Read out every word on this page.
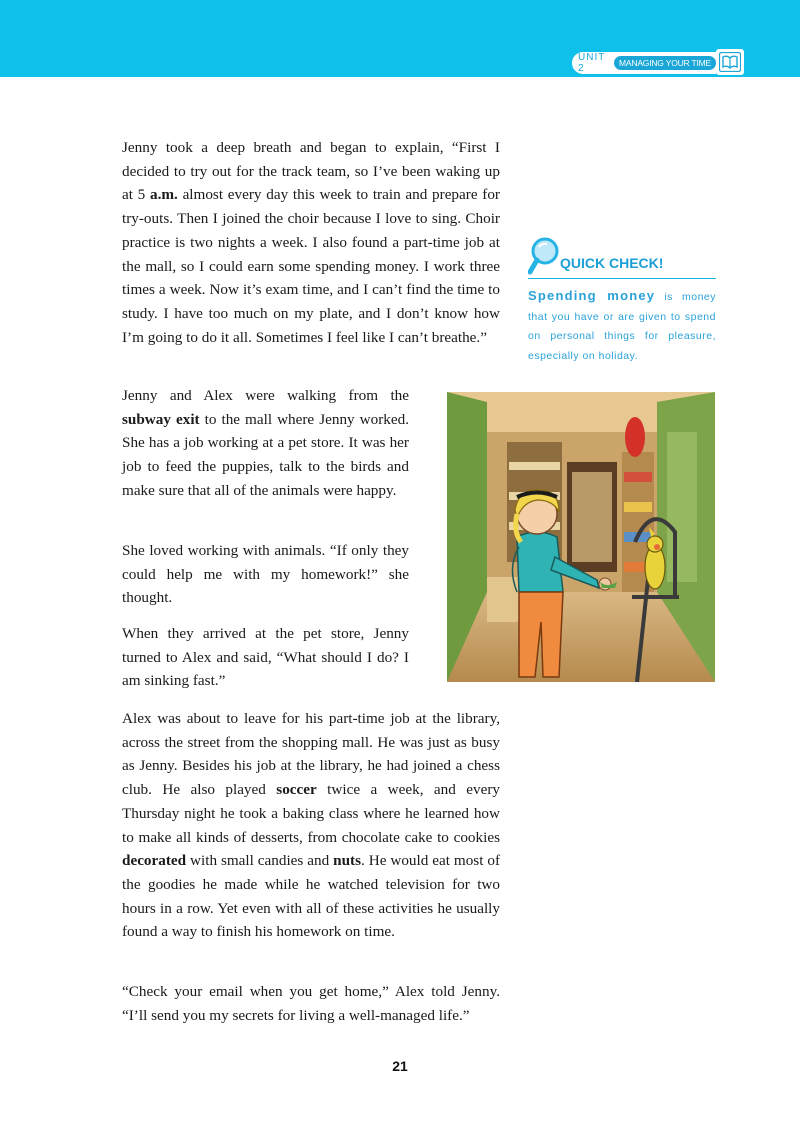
UNIT 2	MANAGING YOUR TIME

Jenny took a deep breath and began to explain, “First I decided to try out for the track team, so I’ve been waking up at 5 a.m. almost every day this week to train and prepare for try-outs. Then I joined the choir because I love to sing. Choir practice is two nights a week. I also found a part-time job at the mall, so I could earn some spending money. I work three times a week. Now it’s exam time, and I can’t find the time to study. I have too much on my plate, and I don’t know how I’m going to do it all. Sometimes I feel like I can’t breathe.”

QUICK CHECK!
Spending money is money that you have or are given to spend on personal things for pleasure, especially on holiday.

Jenny and Alex were walking from the subway exit to the mall where Jenny worked. She has a job working at a pet store. It was her job to feed the puppies, talk to the birds and make sure that all of the animals were happy.

She loved working with animals. “If only they could help me with my homework!” she thought.

When they arrived at the pet store, Jenny turned to Alex and said, “What should I do? I am sinking fast.”

Alex was about to leave for his part-time job at the library, across the street from the shopping mall. He was just as busy as Jenny. Besides his job at the library, he had joined a chess club. He also played soccer twice a week, and every Thursday night he took a baking class where he learned how to make all kinds of desserts, from chocolate cake to cookies decorated with small candies and nuts. He would eat most of the goodies he made while he watched television for two hours in a row. Yet even with all of these activities he usually found a way to finish his homework on time.

“Check your email when you get home,” Alex told Jenny. “I’ll send you my secrets for living a well-managed life.”

21
